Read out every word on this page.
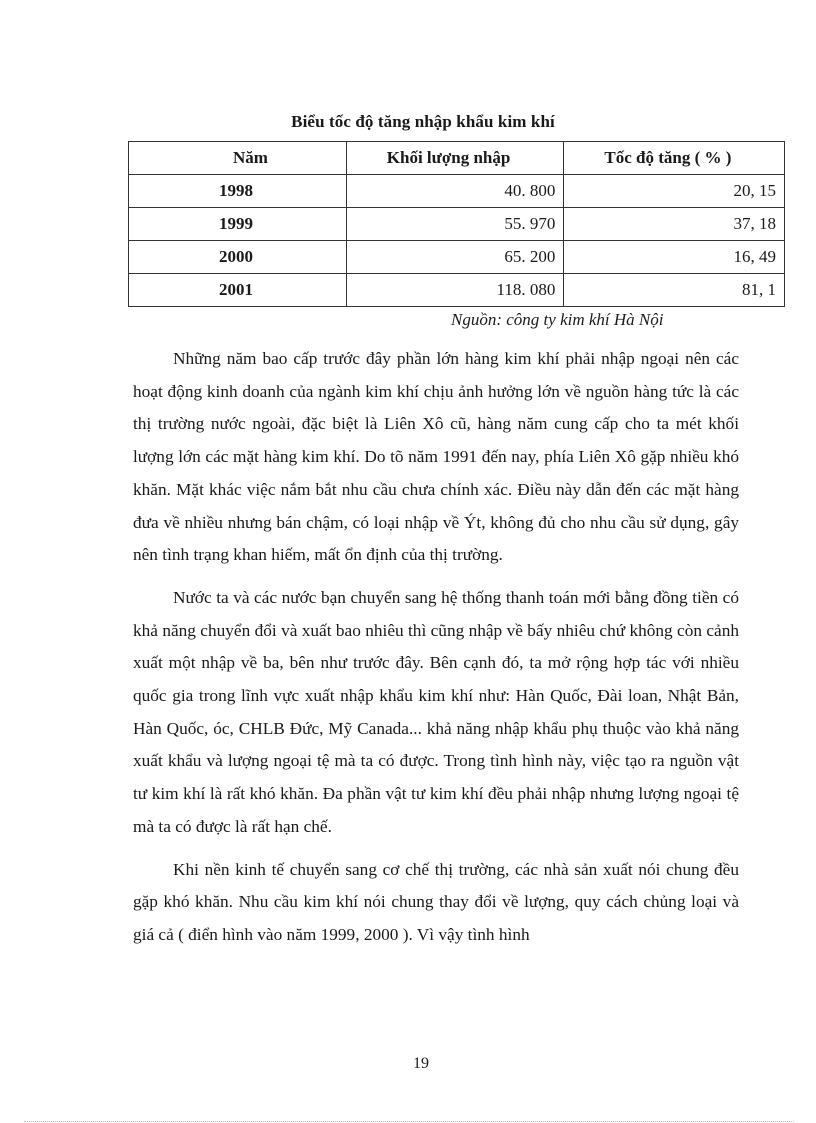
Biểu tốc độ tăng nhập khẩu kim khí
Năm	Khối lượng nhập	Tốc độ tăng ( % )
1998	40. 800	20, 15
1999	55. 970	37, 18
2000	65. 200	16, 49
2001	118. 080	81, 1
Nguồn: công ty kim khí Hà Nội

Những năm bao cấp trước đây phần lớn hàng kim khí phải nhập ngoại nên các hoạt động kinh doanh của ngành kim khí chịu ảnh hưởng lớn về nguồn hàng tức là các thị trường nước ngoài, đặc biệt là Liên Xô cũ, hàng năm cung cấp cho ta mét khối lượng lớn các mặt hàng kim khí. Do tõ năm 1991 đến nay, phía Liên Xô gặp nhiều khó khăn. Mặt khác việc nắm bắt nhu cầu chưa chính xác. Điều này dẫn đến các mặt hàng đưa về nhiều nhưng bán chậm, có loại nhập về Ýt, không đủ cho nhu cầu sử dụng, gây nên tình trạng khan hiếm, mất ổn định của thị trường.

Nước ta và các nước bạn chuyển sang hệ thống thanh toán mới bằng đồng tiền có khả năng chuyển đổi và xuất bao nhiêu thì cũng nhập về bấy nhiêu chứ không còn cảnh xuất một nhập về ba, bên như trước đây. Bên cạnh đó, ta mở rộng hợp tác với nhiều quốc gia trong lĩnh vực xuất nhập khẩu kim khí như: Hàn Quốc, Đài loan, Nhật Bản, Hàn Quốc, óc, CHLB Đức, Mỹ Canada... khả năng nhập khẩu phụ thuộc vào khả năng xuất khẩu và lượng ngoại tệ mà ta có được. Trong tình hình này, việc tạo ra nguồn vật tư kim khí là rất khó khăn. Đa phần vật tư kim khí đều phải nhập nhưng lượng ngoại tệ mà ta có được là rất hạn chế.

Khi nền kinh tế chuyển sang cơ chế thị trường, các nhà sản xuất nói chung đều gặp khó khăn. Nhu cầu kim khí nói chung thay đổi về lượng, quy cách chủng loại và giá cả ( điển hình vào năm 1999, 2000 ). Vì vậy tình hình

19
